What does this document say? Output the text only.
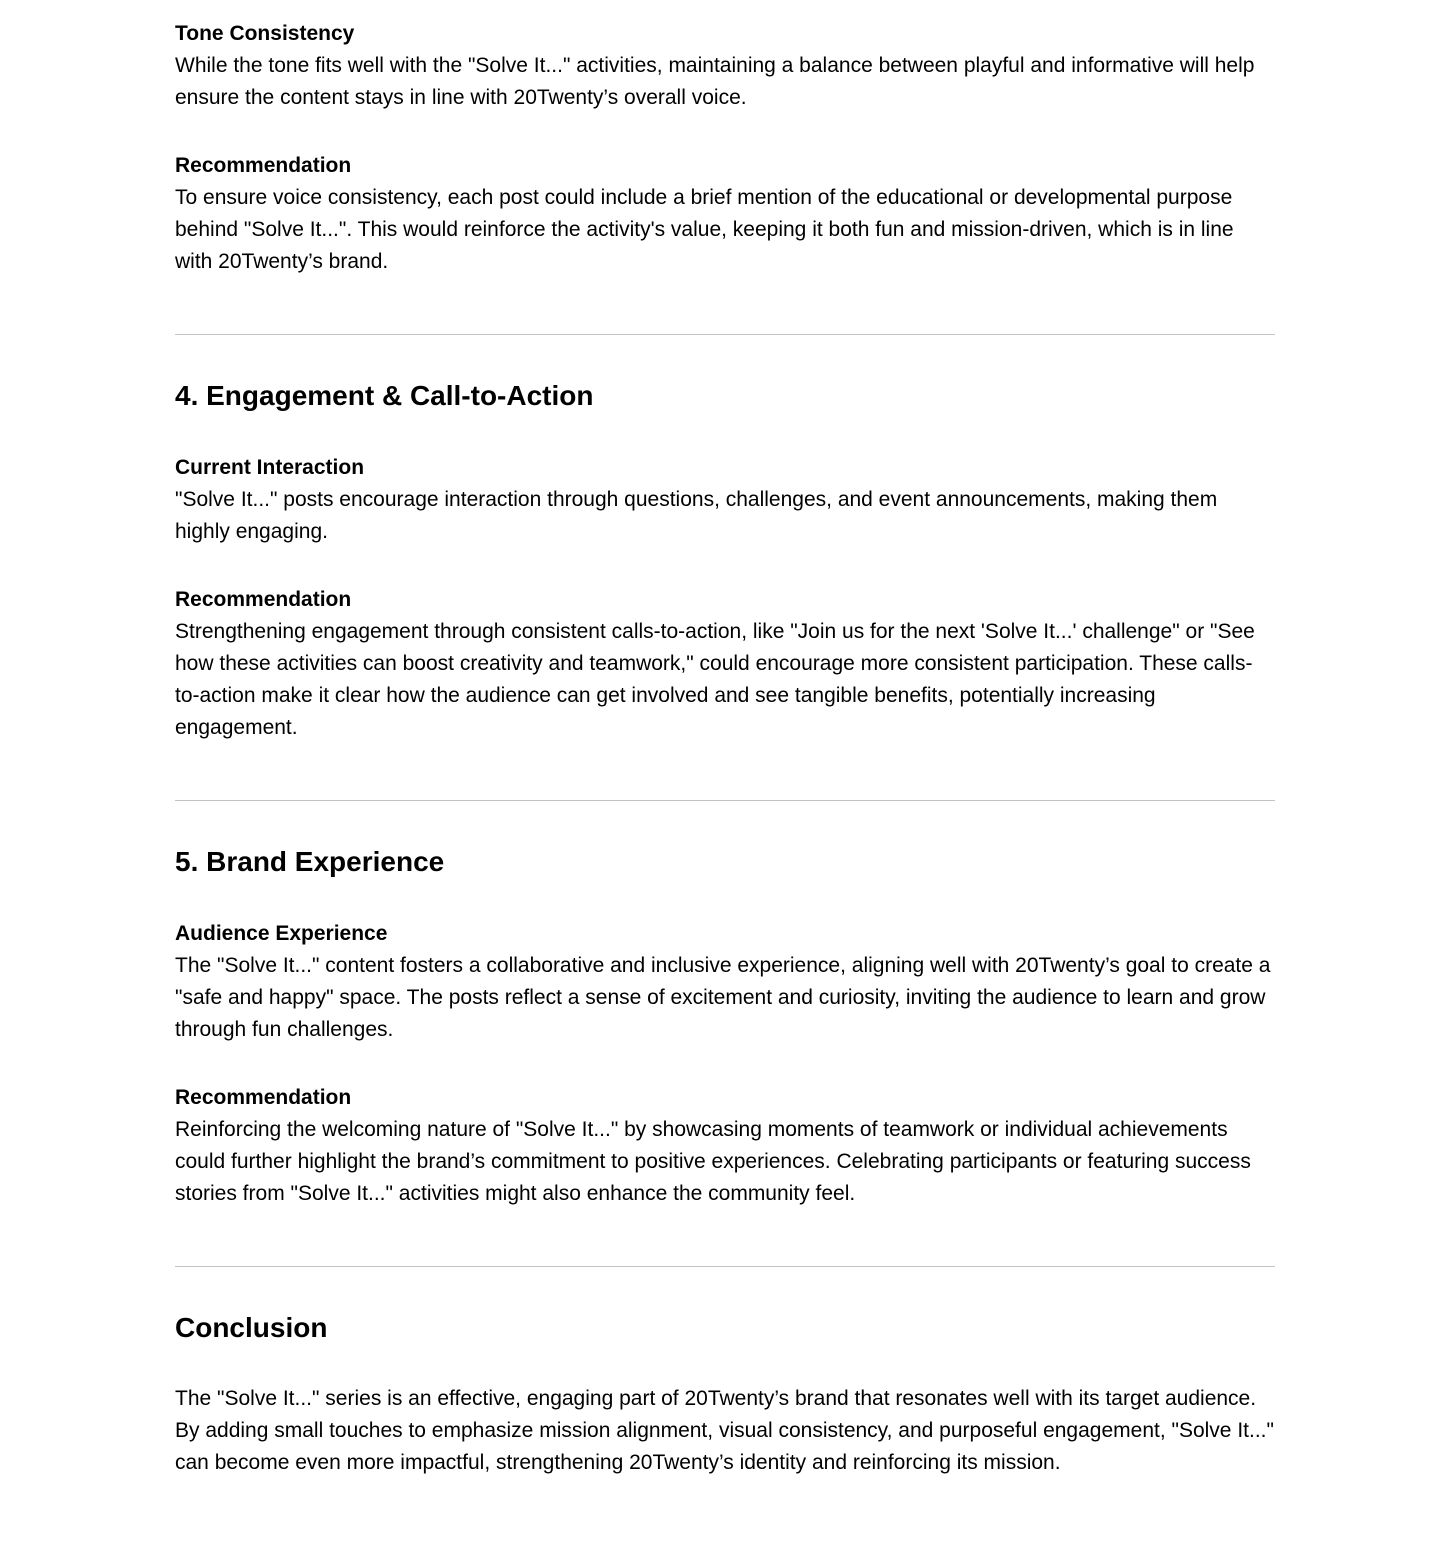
Tone Consistency

While the tone fits well with the "Solve It..." activities, maintaining a balance between playful and informative will help ensure the content stays in line with 20Twenty’s overall voice.

Recommendation

To ensure voice consistency, each post could include a brief mention of the educational or developmental purpose behind "Solve It...". This would reinforce the activity's value, keeping it both fun and mission-driven, which is in line with 20Twenty’s brand.

4. Engagement & Call-to-Action
Current Interaction

"Solve It..." posts encourage interaction through questions, challenges, and event announcements, making them highly engaging.

Recommendation

Strengthening engagement through consistent calls-to-action, like "Join us for the next 'Solve It...' challenge" or "See how these activities can boost creativity and teamwork," could encourage more consistent participation. These calls-to-action make it clear how the audience can get involved and see tangible benefits, potentially increasing engagement.

5. Brand Experience
Audience Experience

The "Solve It..." content fosters a collaborative and inclusive experience, aligning well with 20Twenty’s goal to create a "safe and happy" space. The posts reflect a sense of excitement and curiosity, inviting the audience to learn and grow through fun challenges.

Recommendation

Reinforcing the welcoming nature of "Solve It..." by showcasing moments of teamwork or individual achievements could further highlight the brand’s commitment to positive experiences. Celebrating participants or featuring success stories from "Solve It..." activities might also enhance the community feel.

Conclusion

The "Solve It..." series is an effective, engaging part of 20Twenty’s brand that resonates well with its target audience. By adding small touches to emphasize mission alignment, visual consistency, and purposeful engagement, "Solve It..." can become even more impactful, strengthening 20Twenty’s identity and reinforcing its mission.
